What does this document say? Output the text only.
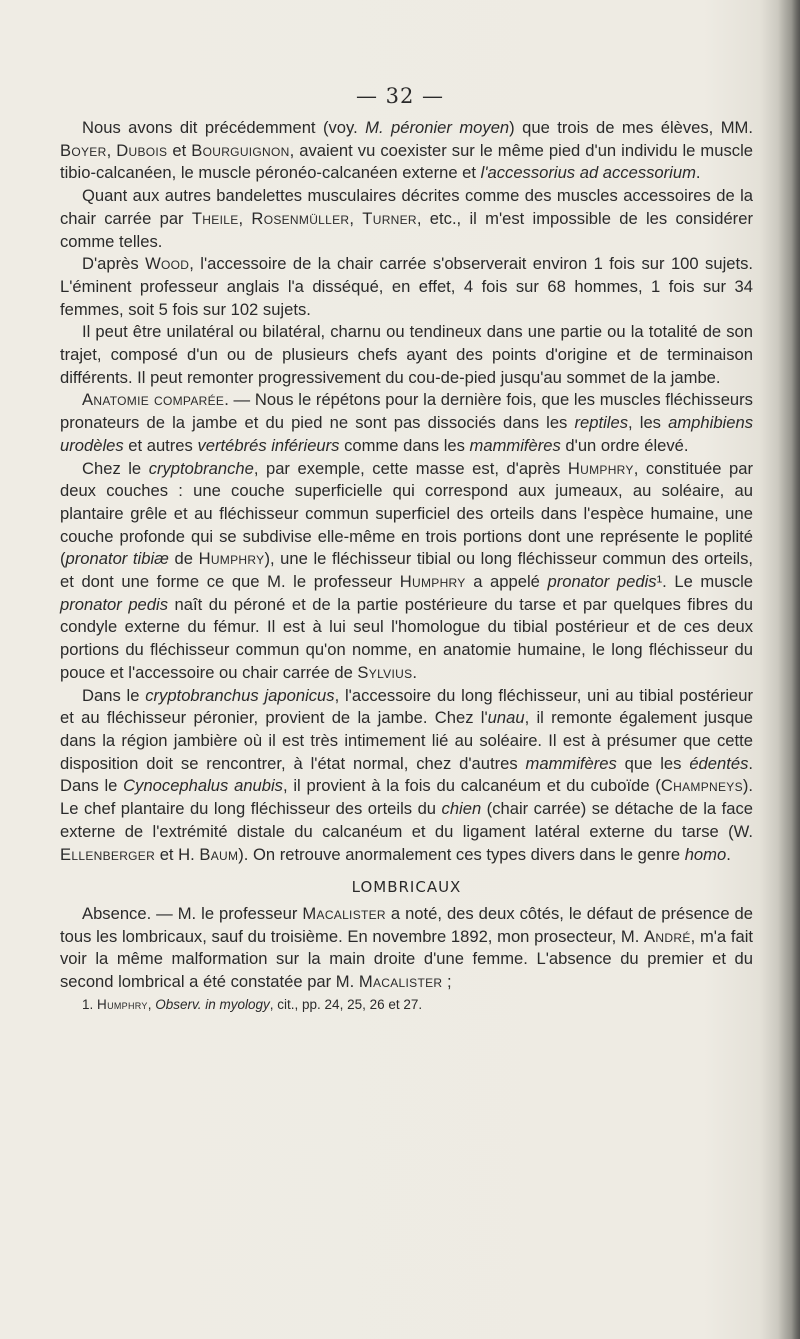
— 32 —

Nous avons dit précédemment (voy. M. péronier moyen) que trois de mes élèves, MM. Boyer, Dubois et Bourguignon, avaient vu coexister sur le même pied d'un individu le muscle tibio-calcanéen, le muscle péronéo-calcanéen externe et l'accessorius ad accessorium.

Quant aux autres bandelettes musculaires décrites comme des muscles accessoires de la chair carrée par Theile, Rosenmüller, Turner, etc., il m'est impossible de les considérer comme telles.

D'après Wood, l'accessoire de la chair carrée s'observerait environ 1 fois sur 100 sujets. L'éminent professeur anglais l'a disséqué, en effet, 4 fois sur 68 hommes, 1 fois sur 34 femmes, soit 5 fois sur 102 sujets.

Il peut être unilatéral ou bilatéral, charnu ou tendineux dans une partie ou la totalité de son trajet, composé d'un ou de plusieurs chefs ayant des points d'origine et de terminaison différents. Il peut remonter progressivement du cou-de-pied jusqu'au sommet de la jambe.

Anatomie comparée. — Nous le répétons pour la dernière fois, que les muscles fléchisseurs pronateurs de la jambe et du pied ne sont pas dissociés dans les reptiles, les amphibiens urodèles et autres vertébrés inférieurs comme dans les mammifères d'un ordre élevé.

Chez le cryptobranche, par exemple, cette masse est, d'après Humphry, constituée par deux couches : une couche superficielle qui correspond aux jumeaux, au soléaire, au plantaire grêle et au fléchisseur commun superficiel des orteils dans l'espèce humaine, une couche profonde qui se subdivise elle-même en trois portions dont une représente le poplité (pronator tibiæ de Humphry), une le fléchisseur tibial ou long fléchisseur commun des orteils, et dont une forme ce que M. le professeur Humphry a appelé pronator pedis¹. Le muscle pronator pedis naît du péroné et de la partie postérieure du tarse et par quelques fibres du condyle externe du fémur. Il est à lui seul l'homologue du tibial postérieur et de ces deux portions du fléchisseur commun qu'on nomme, en anatomie humaine, le long fléchisseur du pouce et l'accessoire ou chair carrée de Sylvius.

Dans le cryptobranchus japonicus, l'accessoire du long fléchisseur, uni au tibial postérieur et au fléchisseur péronier, provient de la jambe. Chez l'unau, il remonte également jusque dans la région jambière où il est très intimement lié au soléaire. Il est à présumer que cette disposition doit se rencontrer, à l'état normal, chez d'autres mammifères que les édentés. Dans le Cynocephalus anubis, il provient à la fois du calcanéum et du cuboïde (Champneys). Le chef plantaire du long fléchisseur des orteils du chien (chair carrée) se détache de la face externe de l'extrémité distale du calcanéum et du ligament latéral externe du tarse (W. Ellenberger et H. Baum). On retrouve anormalement ces types divers dans le genre homo.

LOMBRICAUX

Absence. — M. le professeur Macalister a noté, des deux côtés, le défaut de présence de tous les lombricaux, sauf du troisième. En novembre 1892, mon prosecteur, M. André, m'a fait voir la même malformation sur la main droite d'une femme. L'absence du premier et du second lombrical a été constatée par M. Macalister ;

1. Humphry, Observ. in myology, cit., pp. 24, 25, 26 et 27.
